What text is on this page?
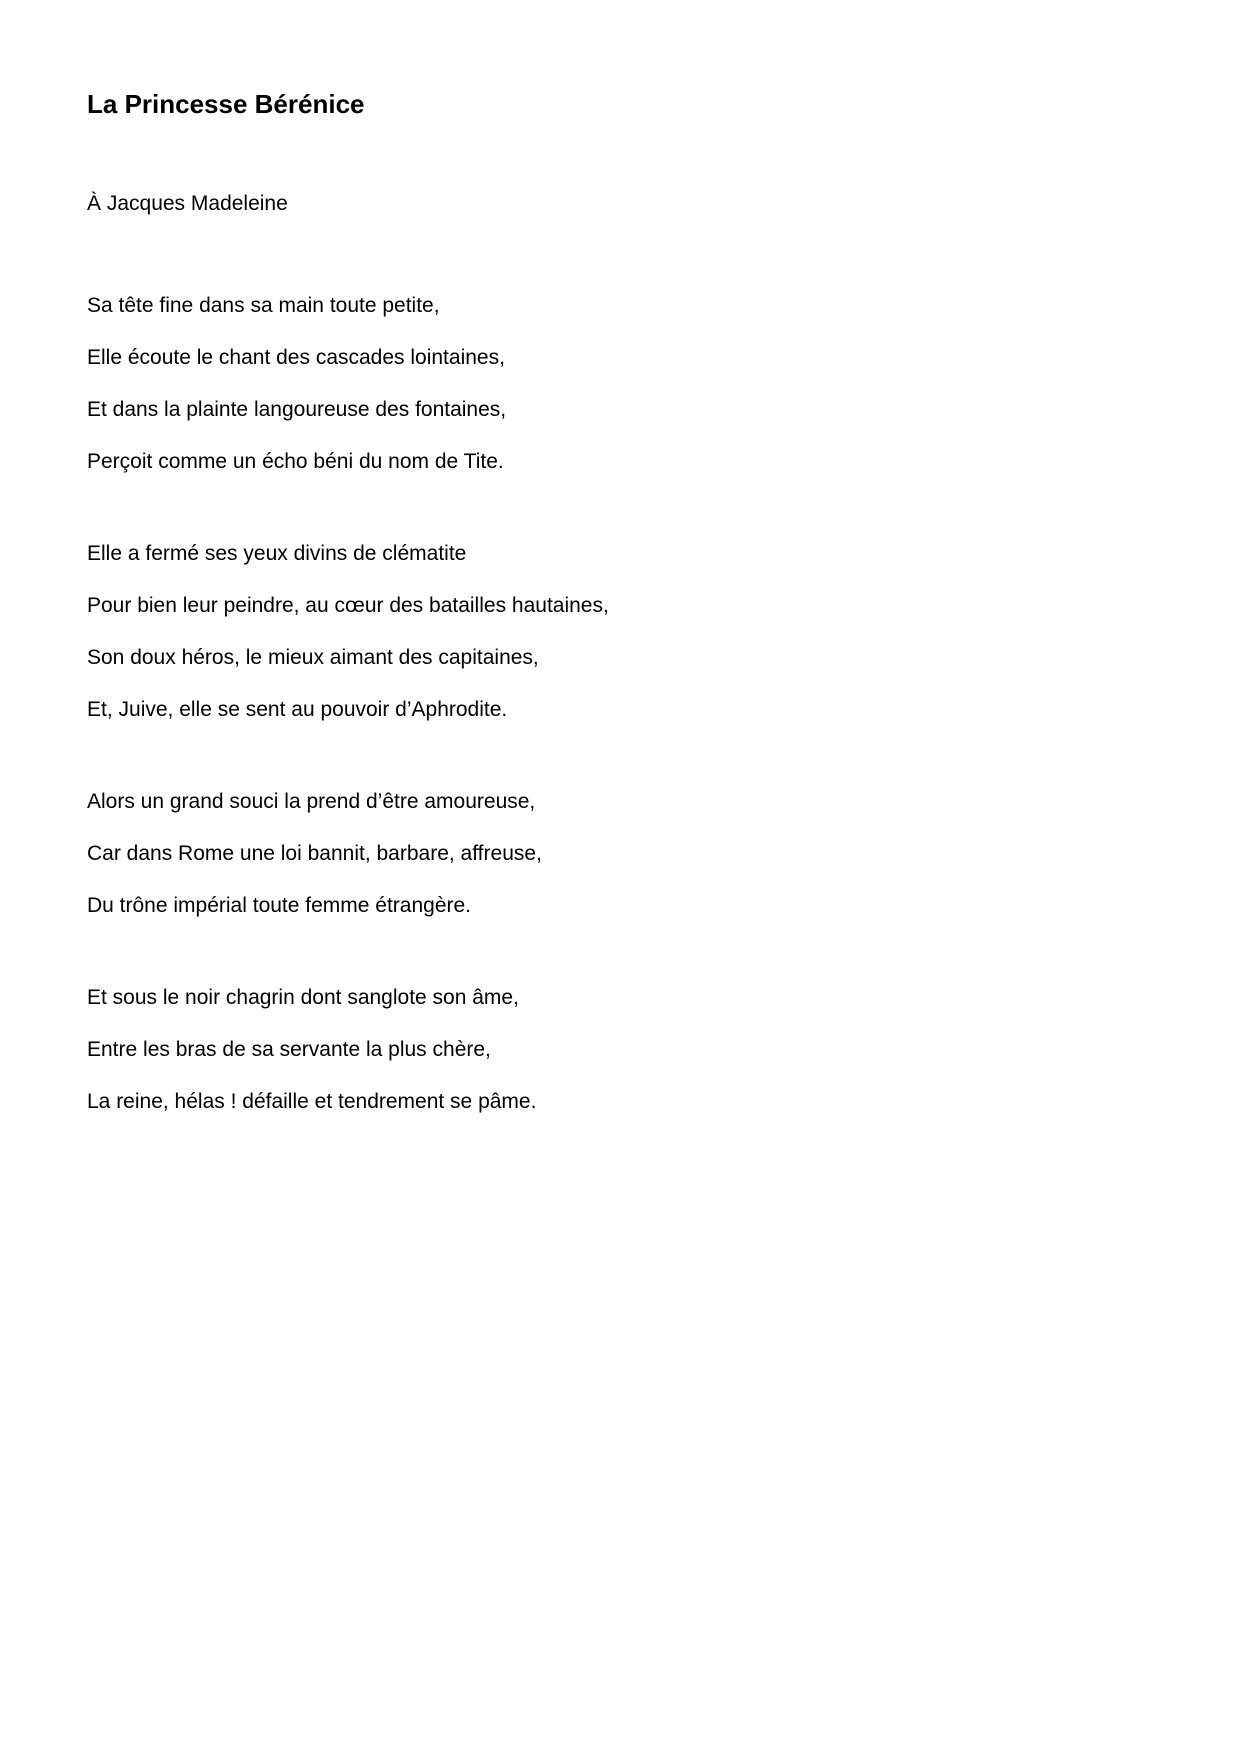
La Princesse Bérénice

À Jacques Madeleine

Sa tête fine dans sa main toute petite,
Elle écoute le chant des cascades lointaines,
Et dans la plainte langoureuse des fontaines,
Perçoit comme un écho béni du nom de Tite.
Elle a fermé ses yeux divins de clématite
Pour bien leur peindre, au cœur des batailles hautaines,
Son doux héros, le mieux aimant des capitaines,
Et, Juive, elle se sent au pouvoir d’Aphrodite.
Alors un grand souci la prend d’être amoureuse,
Car dans Rome une loi bannit, barbare, affreuse,
Du trône impérial toute femme étrangère.
Et sous le noir chagrin dont sanglote son âme,
Entre les bras de sa servante la plus chère,
La reine, hélas ! défaille et tendrement se pâme.
